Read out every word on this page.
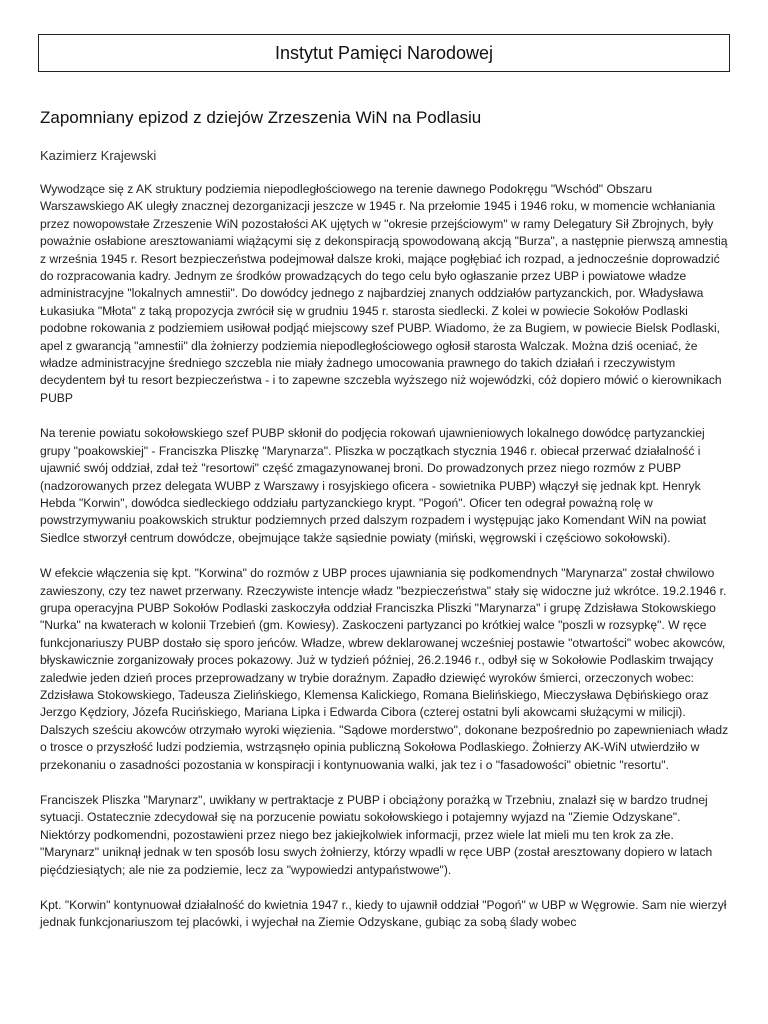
Instytut Pamięci Narodowej
Zapomniany epizod z dziejów Zrzeszenia WiN na Podlasiu
Kazimierz Krajewski

Wywodzące się z AK struktury podziemia niepodległościowego na terenie dawnego Podokręgu "Wschód" Obszaru Warszawskiego AK uległy znacznej dezorganizacji jeszcze w 1945 r. Na przełomie 1945 i 1946 roku, w momencie wchłaniania przez nowopowstałe Zrzeszenie WiN pozostałości AK ujętych w "okresie przejściowym" w ramy Delegatury Sił Zbrojnych, były poważnie osłabione aresztowaniami wiążącymi się z dekonspiracją spowodowaną akcją "Burza", a następnie pierwszą amnestią z września 1945 r. Resort bezpieczeństwa podejmował dalsze kroki, mające pogłębiać ich rozpad, a jednocześnie doprowadzić do rozpracowania kadry. Jednym ze środków prowadzących do tego celu było ogłaszanie przez UBP i powiatowe władze administracyjne "lokalnych amnestii". Do dowódcy jednego z najbardziej znanych oddziałów partyzanckich, por. Władysława Łukasiuka "Młota" z taką propozycja zwrócił się w grudniu 1945 r. starosta siedlecki. Z kolei w powiecie Sokołów Podlaski podobne rokowania z podziemiem usiłował podjąć miejscowy szef PUBP. Wiadomo, że za Bugiem, w powiecie Bielsk Podlaski, apel z gwarancją "amnestii" dla żołnierzy podziemia niepodległościowego ogłosił starosta Walczak. Można dziś oceniać, że władze administracyjne średniego szczebla nie miały żadnego umocowania prawnego do takich działań i rzeczywistym decydentem był tu resort bezpieczeństwa - i to zapewne szczebla wyższego niż wojewódzki, cóż dopiero mówić o kierownikach PUBP

Na terenie powiatu sokołowskiego szef PUBP skłonił do podjęcia rokowań ujawnieniowych lokalnego dowódcę partyzanckiej grupy "poakowskiej" - Franciszka Pliszkę "Marynarza". Pliszka w początkach stycznia 1946 r. obiecał przerwać działalność i ujawnić swój oddział, zdał też "resortowi" część zmagazynowanej broni. Do prowadzonych przez niego rozmów z PUBP (nadzorowanych przez delegata WUBP z Warszawy i rosyjskiego oficera - sowietnika PUBP) włączył się jednak kpt. Henryk Hebda "Korwin", dowódca siedleckiego oddziału partyzanckiego krypt. "Pogoń". Oficer ten odegrał poważną rolę w powstrzymywaniu poakowskich struktur podziemnych przed dalszym rozpadem i występując jako Komendant WiN na powiat Siedlce stworzył centrum dowódcze, obejmujące także sąsiednie powiaty (miński, węgrowski i częściowo sokołowski).

W efekcie włączenia się kpt. "Korwina" do rozmów z UBP proces ujawniania się podkomendnych "Marynarza" został chwilowo zawieszony, czy tez nawet przerwany. Rzeczywiste intencje władz "bezpieczeństwa" stały się widoczne już wkrótce. 19.2.1946 r. grupa operacyjna PUBP Sokołów Podlaski zaskoczyła oddział Franciszka Pliszki "Marynarza" i grupę Zdzisława Stokowskiego "Nurka" na kwaterach w kolonii Trzebień (gm. Kowiesy). Zaskoczeni partyzanci po krótkiej walce "poszli w rozsypkę". W ręce funkcjonariuszy PUBP dostało się sporo jeńców. Władze, wbrew deklarowanej wcześniej postawie "otwartości" wobec akowców, błyskawicznie zorganizowały proces pokazowy. Już w tydzień później, 26.2.1946 r., odbył się w Sokołowie Podlaskim trwający zaledwie jeden dzień proces przeprowadzany w trybie doraźnym. Zapadło dziewięć wyroków śmierci, orzeczonych wobec: Zdzisława Stokowskiego, Tadeusza Zielińskiego, Klemensa Kalickiego, Romana Bielińskiego, Mieczysława Dębińskiego oraz Jerzgo Kędziory, Józefa Rucińskiego, Mariana Lipka i Edwarda Cibora (czterej ostatni byli akowcami służącymi w milicji). Dalszych sześciu akowców otrzymało wyroki więzienia. "Sądowe morderstwo", dokonane bezpośrednio po zapewnieniach władz o trosce o przyszłość ludzi podziemia, wstrząsnęło opinia publiczną Sokołowa Podlaskiego. Żołnierzy AK-WiN utwierdziło w przekonaniu o zasadności pozostania w konspiracji i kontynuowania walki, jak tez i o "fasadowości" obietnic "resortu".

Franciszek Pliszka "Marynarz", uwikłany w pertraktacje z PUBP i obciążony porażką w Trzebniu, znalazł się w bardzo trudnej sytuacji. Ostatecznie zdecydował się na porzucenie powiatu sokołowskiego i potajemny wyjazd na "Ziemie Odzyskane". Niektórzy podkomendni, pozostawieni przez niego bez jakiejkolwiek informacji, przez wiele lat mieli mu ten krok za złe. "Marynarz" uniknął jednak w ten sposób losu swych żołnierzy, którzy wpadli w ręce UBP (został aresztowany dopiero w latach pięćdziesiątych; ale nie za podziemie, lecz za "wypowiedzi antypaństwowe").

Kpt. "Korwin" kontynuował działalność do kwietnia 1947 r., kiedy to ujawnił oddział "Pogoń" w UBP w Węgrowie. Sam nie wierzył jednak funkcjonariuszom tej placówki, i wyjechał na Ziemie Odzyskane, gubiąc za sobą ślady wobec
